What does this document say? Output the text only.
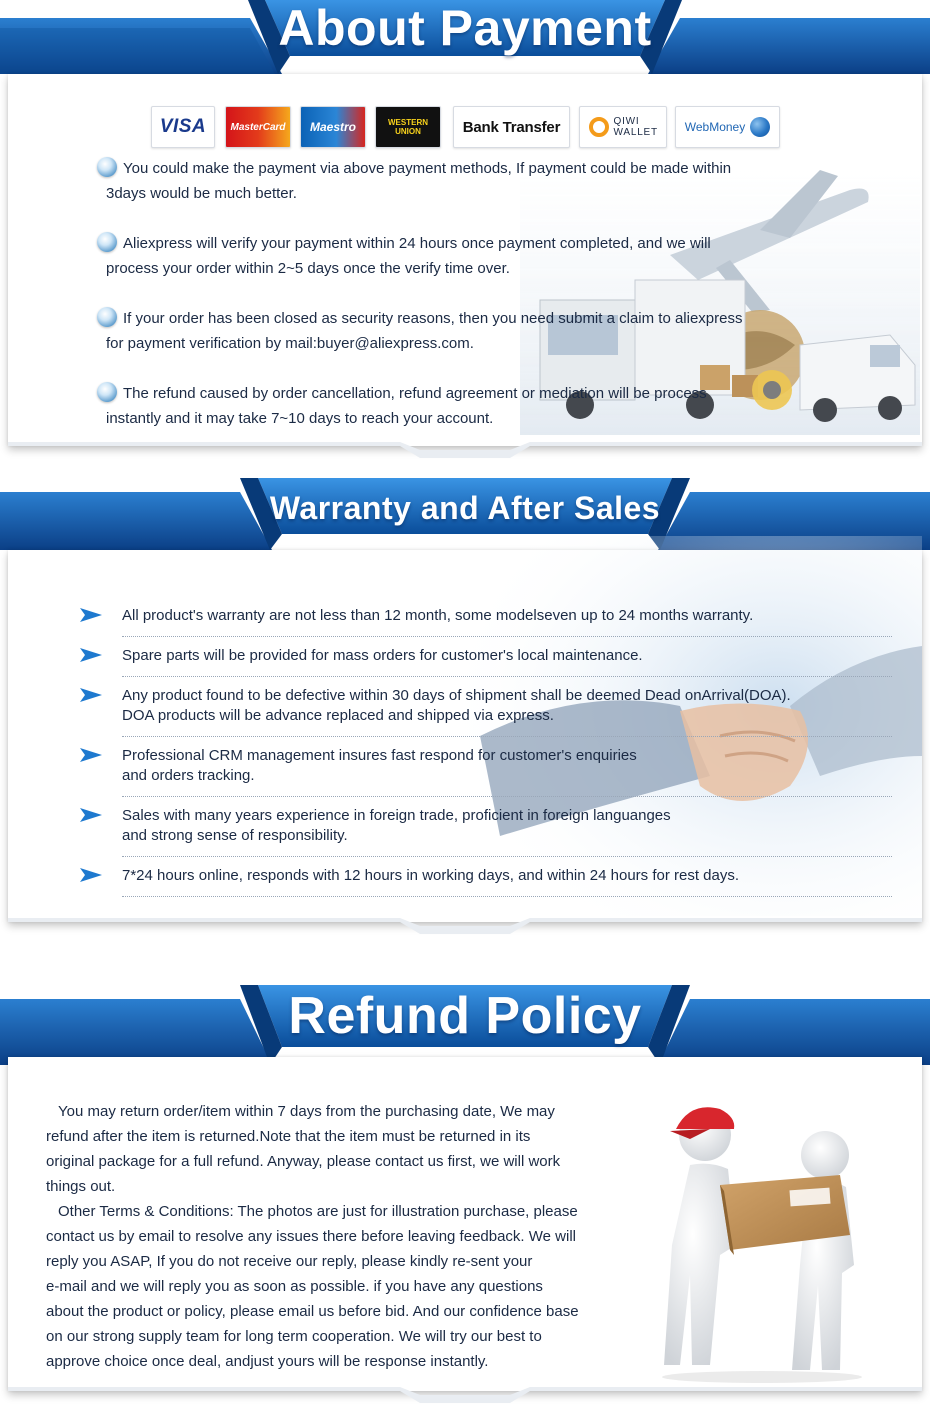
About Payment
VISA MasterCard Maestro	WESTERN UNION	Bank Transfer	QIWI WALLET WebMoney
You could make the payment via above payment methods, If payment could be made within
3days would be much better.
Aliexpress will verify your payment within 24 hours once payment completed, and we will
process your order within 2~5 days once the verify time over.
If your order has been closed as security reasons, then you need submit a claim to aliexpress
for payment verification by mail:buyer@aliexpress.com.
The refund caused by order cancellation, refund agreement or mediation will be process
instantly and it may take 7~10 days to reach your account.
Warranty and After Sales
All product's warranty are not less than 12 month, some modelseven up to 24 months warranty.
Spare parts will be provided for mass orders for customer's local maintenance.
Any product found to be defective within 30 days of shipment shall be deemed Dead onArrival(DOA).
DOA products will be advance replaced and shipped via express.
Professional CRM management insures fast respond for customer's enquiries
and orders tracking.
Sales with many years experience in foreign trade, proficient in foreign languanges
and strong sense of responsibility.
7*24 hours online, responds with 12 hours in working days, and within 24 hours for rest days.
Refund Policy

You may return order/item within 7 days from the purchasing date, We may

refund after the item is returned.Note that the item must be returned in its

original package for a full refund. Anyway, please contact us first, we will work

things out.

Other Terms & Conditions: The photos are just for illustration purchase, please

contact us by email to resolve any issues there before leaving feedback. We will

reply you ASAP, If you do not receive our reply, please kindly re-sent your

e-mail and we will reply you as soon as possible. if you have any questions

about the product or policy, please email us before bid. And our confidence base

on our strong supply team for long term cooperation. We will try our best to

approve choice once deal, andjust yours will be response instantly.
